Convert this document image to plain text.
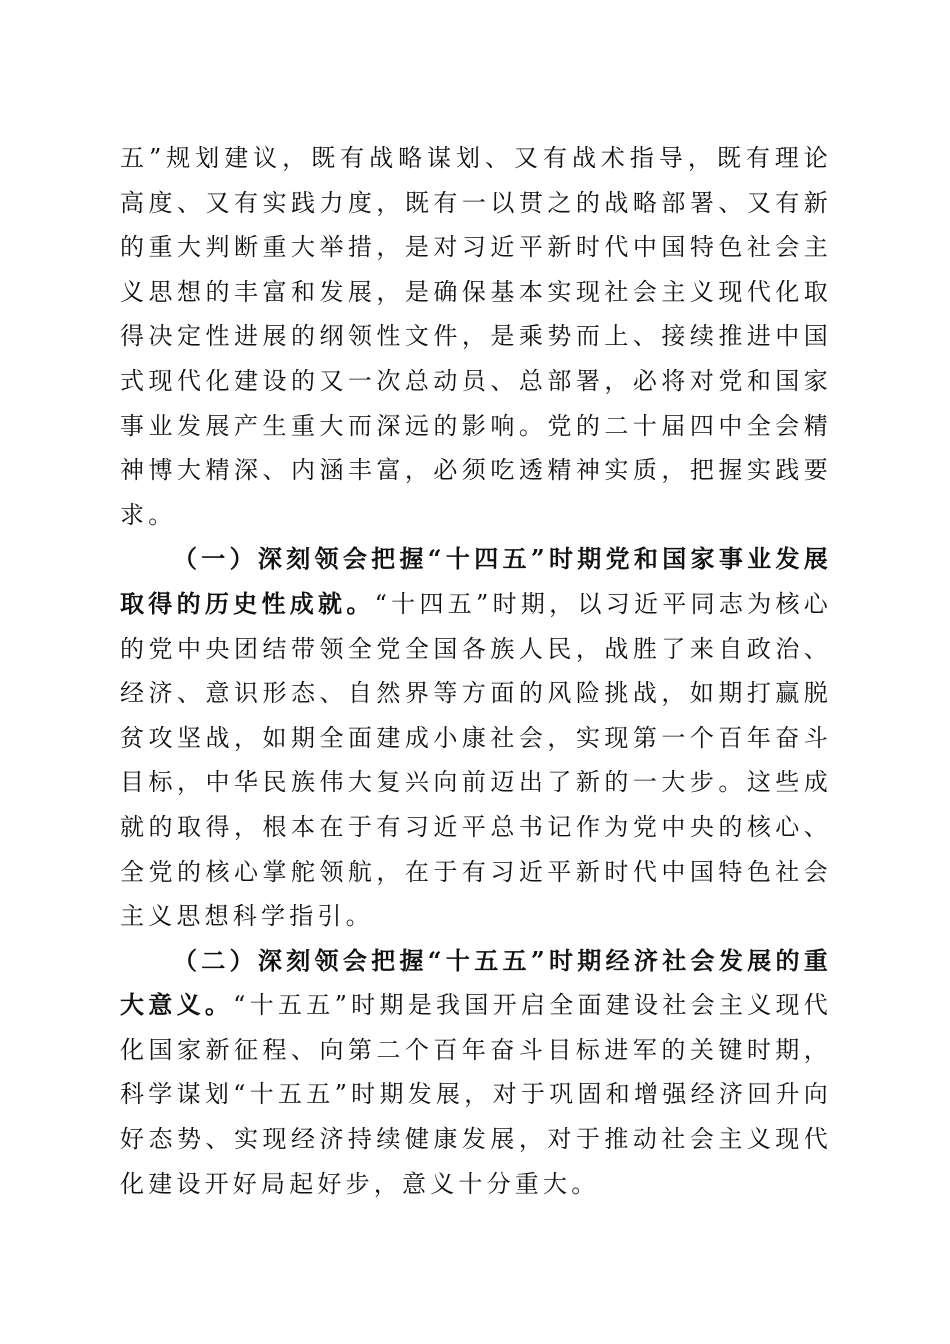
五”规划建议，既有战略谋划、又有战术指导，既有理论高度、又有实践力度，既有一以贯之的战略部署、又有新的重大判断重大举措，是对习近平新时代中国特色社会主义思想的丰富和发展，是确保基本实现社会主义现代化取得决定性进展的纲领性文件，是乘势而上、接续推进中国式现代化建设的又一次总动员、总部署，必将对党和国家事业发展产生重大而深远的影响。党的二十届四中全会精神博大精深、内涵丰富，必须吃透精神实质，把握实践要求。

（一）深刻领会把握“十四五”时期党和国家事业发展取得的历史性成就。“十四五”时期，以习近平同志为核心的党中央团结带领全党全国各族人民，战胜了来自政治、经济、意识形态、自然界等方面的风险挑战，如期打赢脱贫攻坚战，如期全面建成小康社会，实现第一个百年奋斗目标，中华民族伟大复兴向前迈出了新的一大步。这些成就的取得，根本在于有习近平总书记作为党中央的核心、全党的核心掌舵领航，在于有习近平新时代中国特色社会主义思想科学指引。

（二）深刻领会把握“十五五”时期经济社会发展的重大意义。“十五五”时期是我国开启全面建设社会主义现代化国家新征程、向第二个百年奋斗目标进军的关键时期，科学谋划“十五五”时期发展，对于巩固和增强经济回升向好态势、实现经济持续健康发展，对于推动社会主义现代化建设开好局起好步，意义十分重大。
